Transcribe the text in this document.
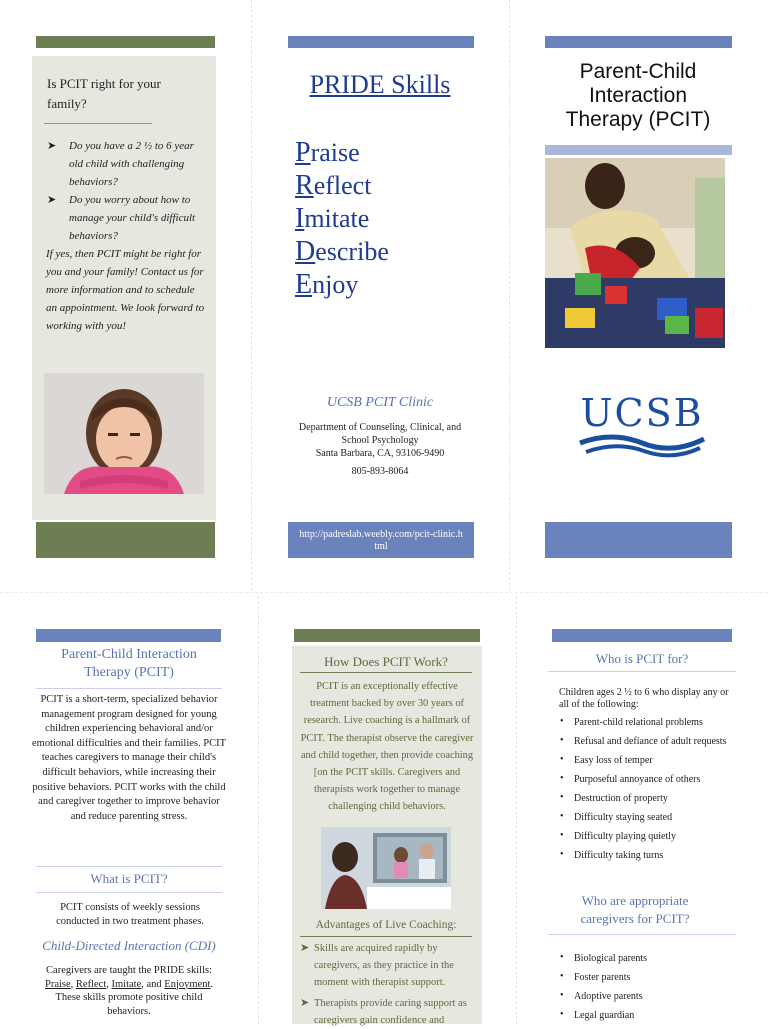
Is PCIT right for your family?
___________________________
➤ Do you have a 2 ½ to 6 year old child with challenging behaviors?
➤ Do you worry about how to manage your child's difficult behaviors?
If yes, then PCIT might be right for you and your family! Contact us for more information and to schedule an appointment. We look forward to working with you!
PRIDE Skills
Praise
Reflect
Imitate
Describe
Enjoy
UCSB PCIT Clinic
Department of Counseling, Clinical, and
School Psychology
Santa Barbara, CA, 93106-9490
805-893-8064
http://padreslab.weebly.com/pcit-clinic.html
Parent-Child Interaction Therapy (PCIT)
UCSB
Parent-Child Interaction Therapy (PCIT)
PCIT is a short-term, specialized behavior management program designed for young children experiencing behavioral and/or emotional difficulties and their families. PCIT teaches caregivers to manage their child's difficult behaviors, while increasing their positive behaviors. PCIT works with the child and caregiver together to improve behavior and reduce parenting stress.
What is PCIT?
PCIT consists of weekly sessions conducted in two treatment phases.
Child-Directed Interaction (CDI)
Caregivers are taught the PRIDE skills: Praise, Reflect, Imitate, and Enjoyment. These skills promote positive child behaviors.
How Does PCIT Work?
PCIT is an exceptionally effective treatment backed by over 30 years of research. Live coaching is a hallmark of PCIT. The therapist observe the caregiver and child together, then provide coaching [on the PCIT skills. Caregivers and therapists work together to manage challenging child behaviors.
Advantages of Live Coaching:
➤ Skills are acquired rapidly by caregivers, as they practice in the moment with therapist support.
➤ Therapists provide caring support as caregivers gain confidence and
Who is PCIT for?
Children ages 2 ½ to 6 who display any or all of the following:
• Parent-child relational problems
• Refusal and defiance of adult requests
• Easy loss of temper
• Purposeful annoyance of others
• Destruction of property
• Difficulty staying seated
• Difficulty playing quietly
• Difficulty taking turns
Who are appropriate caregivers for PCIT?
• Biological parents
• Foster parents
• Adoptive parents
• Legal guardian
